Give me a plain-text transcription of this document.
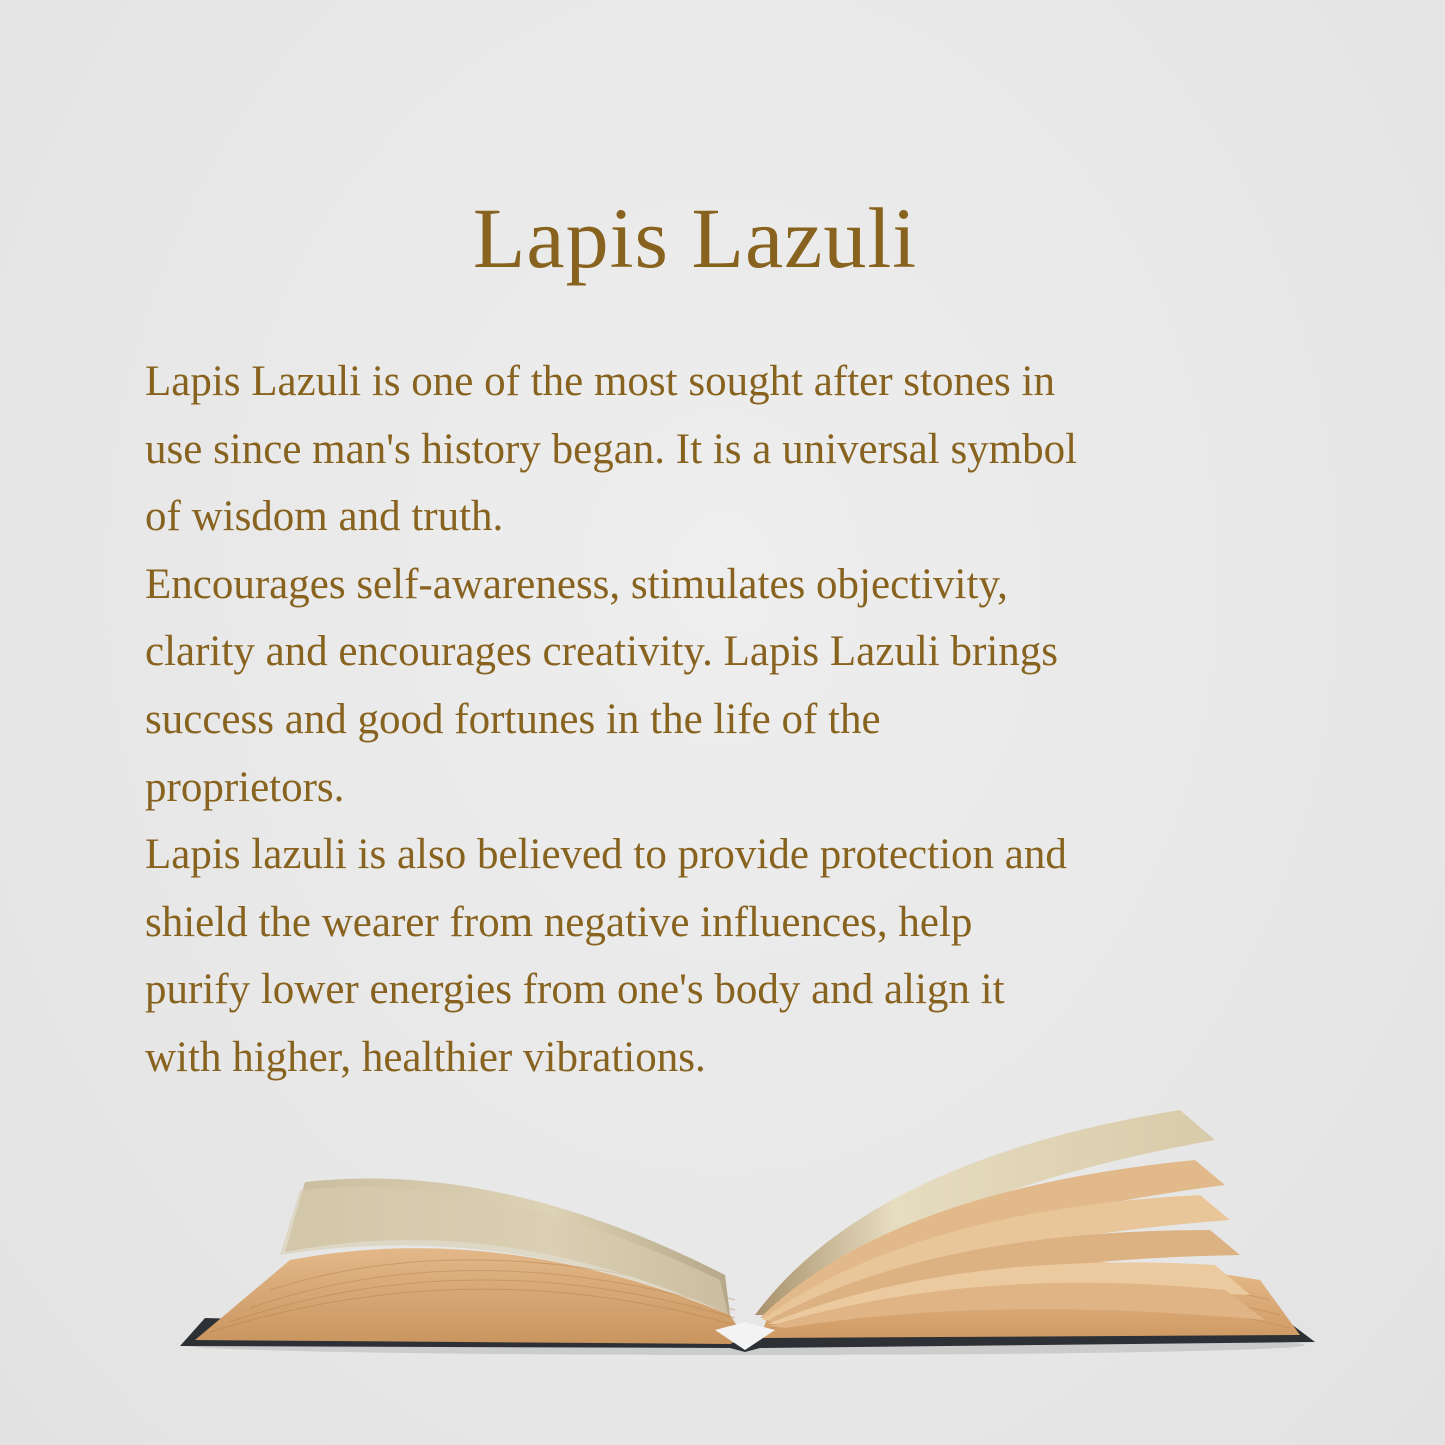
Lapis Lazuli
Lapis Lazuli is one of the most sought after stones in
use since man's history began. It is a universal symbol
of wisdom and truth.
Encourages self-awareness, stimulates objectivity,
clarity and encourages creativity. Lapis Lazuli brings
success and good fortunes in the life of the
proprietors.
Lapis lazuli is also believed to provide protection and
shield the wearer from negative influences, help
purify lower energies from one's body and align it
with higher, healthier vibrations.
